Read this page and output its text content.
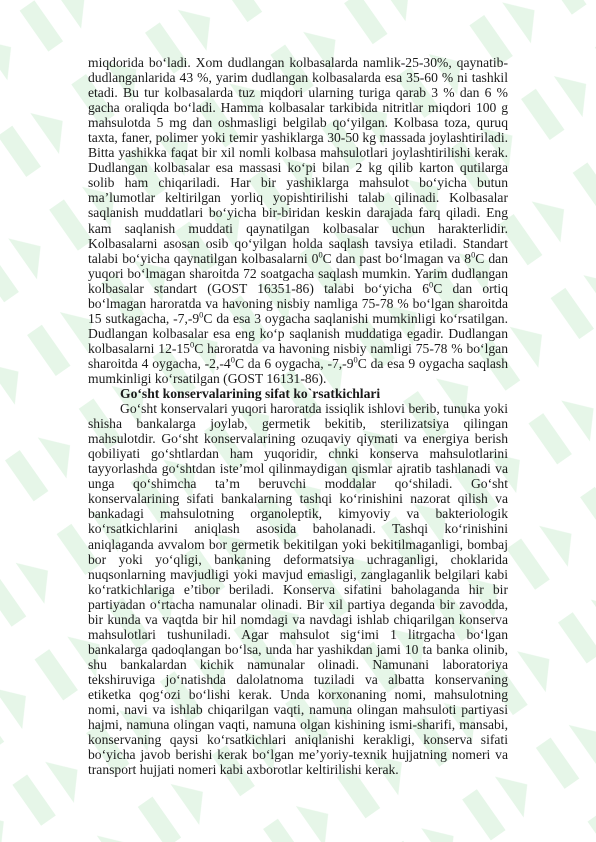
miqdorida bo‘ladi. Xom dudlangan kolbasalarda namlik-25-30%, qaynatib-dudlanganlarida 43 %, yarim dudlangan kolbasalarda esa 35-60 % ni tashkil etadi. Bu tur kolbasalarda tuz miqdori ularning turiga qarab 3 % dan 6 % gacha oraliqda bo‘ladi. Hamma kolbasalar tarkibida nitritlar miqdori 100 g mahsulotda 5 mg dan oshmasligi belgilab qo‘yilgan. Kolbasa toza, quruq taxta, faner, polimer yoki temir yashiklarga 30-50 kg massada joylashtiriladi. Bitta yashikka faqat bir xil nomli kolbasa mahsulotlari joylashtirilishi kerak. Dudlangan kolbasalar esa massasi ko‘pi bilan 2 kg qilib karton qutilarga solib ham chiqariladi. Har bir yashiklarga mahsulot bo‘yicha butun ma’lumotlar keltirilgan yorliq yopishtirilishi talab qilinadi. Kolbasalar saqlanish muddatlari bo‘yicha bir-biridan keskin darajada farq qiladi. Eng kam saqlanish muddati qaynatilgan kolbasalar uchun harakterlidir. Kolbasalarni asosan osib qo‘yilgan holda saqlash tavsiya etiladi. Standart talabi bo‘yicha qaynatilgan kolbasalarni $0^0C$ dan past bo‘lmagan va $8^0C$ dan yuqori bo‘lmagan sharoitda 72 soatgacha saqlash mumkin. Yarim dudlangan kolbasalar standart (GOST 16351-86) talabi bo‘yicha $6^0C$ dan ortiq bo‘lmagan haroratda va havoning nisbiy namliga 75-78 % bo‘lgan sharoitda 15 sutkagacha, $-7,-9^0C$ da esa 3 oygacha saqlanishi mumkinligi ko‘rsatilgan. Dudlangan kolbasalar esa eng ko‘p saqlanish muddatiga egadir. Dudlangan kolbasalarni $12-15^0C$ haroratda va havoning nisbiy namligi 75-78 % bo‘lgan sharoitda 4 oygacha, $-2,-4^0C$ da 6 oygacha, $-7,-9^0C$ da esa 9 oygacha saqlash mumkinligi ko‘rsatilgan (GOST 16131-86).

Go‘sht konservalarining sifat ko`rsatkichlari

Go‘sht konservalari yuqori haroratda issiqlik ishlovi berib, tunuka yoki shisha bankalarga joylab, germetik bekitib, sterilizatsiya qilingan mahsulotdir. Go‘sht konservalarining ozuqaviy qiymati va energiya berish qobiliyati go‘shtlardan ham yuqoridir, chnki konserva mahsulotlarini tayyorlashda go‘shtdan iste’mol qilinmaydigan qismlar ajratib tashlanadi va unga qo‘shimcha ta’m beruvchi moddalar qo‘shiladi. Go‘sht konservalarining sifati bankalarning tashqi ko‘rinishini nazorat qilish va bankadagi mahsulotning organoleptik, kimyoviy va bakteriologik ko‘rsatkichlarini aniqlash asosida baholanadi. Tashqi ko‘rinishini aniqlaganda avvalom bor germetik bekitilgan yoki bekitilmaganligi, bombaj bor yoki yo‘qligi, bankaning deformatsiya uchraganligi, choklarida nuqsonlarning mavjudligi yoki mavjud emasligi, zanglaganlik belgilari kabi ko‘ratkichlariga e’tibor beriladi. Konserva sifatini baholaganda hir bir partiyadan o‘rtacha namunalar olinadi. Bir xil partiya deganda bir zavodda, bir kunda va vaqtda bir hil nomdagi va navdagi ishlab chiqarilgan konserva mahsulotlari tushuniladi. Agar mahsulot sig‘imi 1 litrgacha bo‘lgan bankalarga qadoqlangan bo‘lsa, unda har yashikdan jami 10 ta banka olinib, shu bankalardan kichik namunalar olinadi. Namunani laboratoriya tekshiruviga jo‘natishda dalolatnoma tuziladi va albatta konservaning etiketka qog‘ozi bo‘lishi kerak. Unda korxonaning nomi, mahsulotning nomi, navi va ishlab chiqarilgan vaqti, namuna olingan mahsuloti partiyasi hajmi, namuna olingan vaqti, namuna olgan kishining ismi-sharifi, mansabi, konservaning qaysi ko‘rsatkichlari aniqlanishi kerakligi, konserva sifati bo‘yicha javob berishi kerak bo‘lgan me’yoriy-texnik hujjatning nomeri va transport hujjati nomeri kabi axborotlar keltirilishi kerak.
